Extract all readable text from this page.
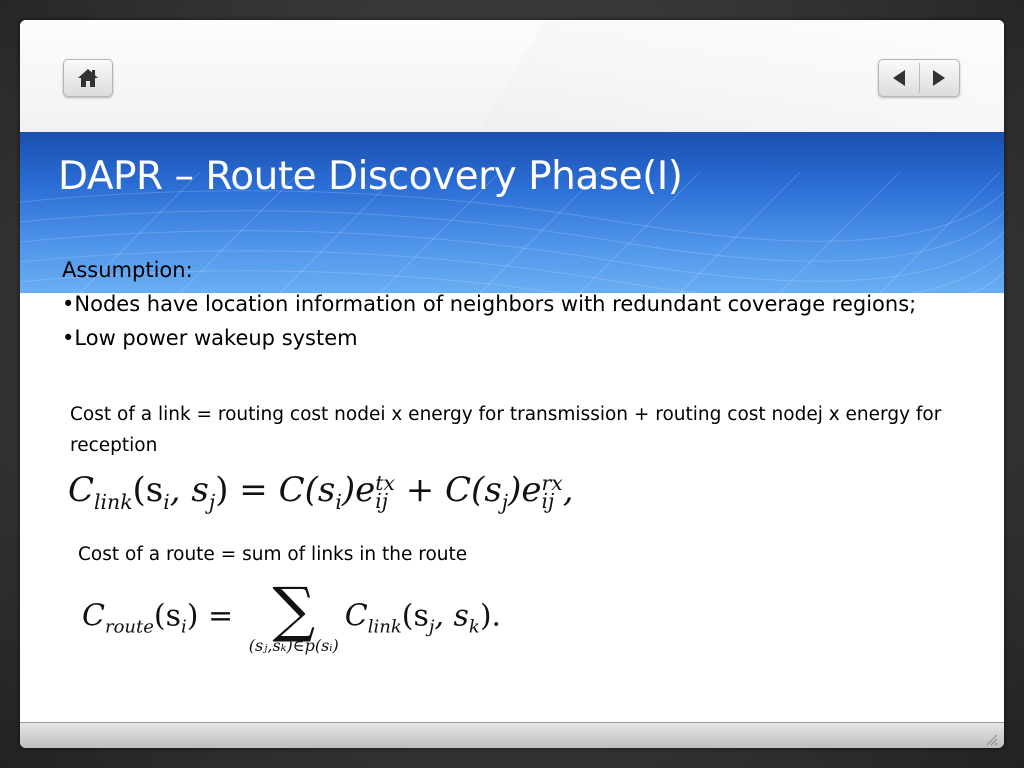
DAPR – Route Discovery Phase(I)
Assumption:
•Nodes have location information of neighbors with redundant coverage regions;
•Low power wakeup system
Cost of a link = routing cost nodei x energy for transmission + routing cost nodej x energy for reception
$C_{link}(s_i$, $s_j) = C(s_i)e$ tx
ij + $C(s_j)e$ rx
ij ,
Cost of a route = sum of links in the route
$C_{route}(s_i)$ = ∑
(sⱼ,sₖ)∈p(sᵢ)
$C_{link}(s_j$, $s_k$).
